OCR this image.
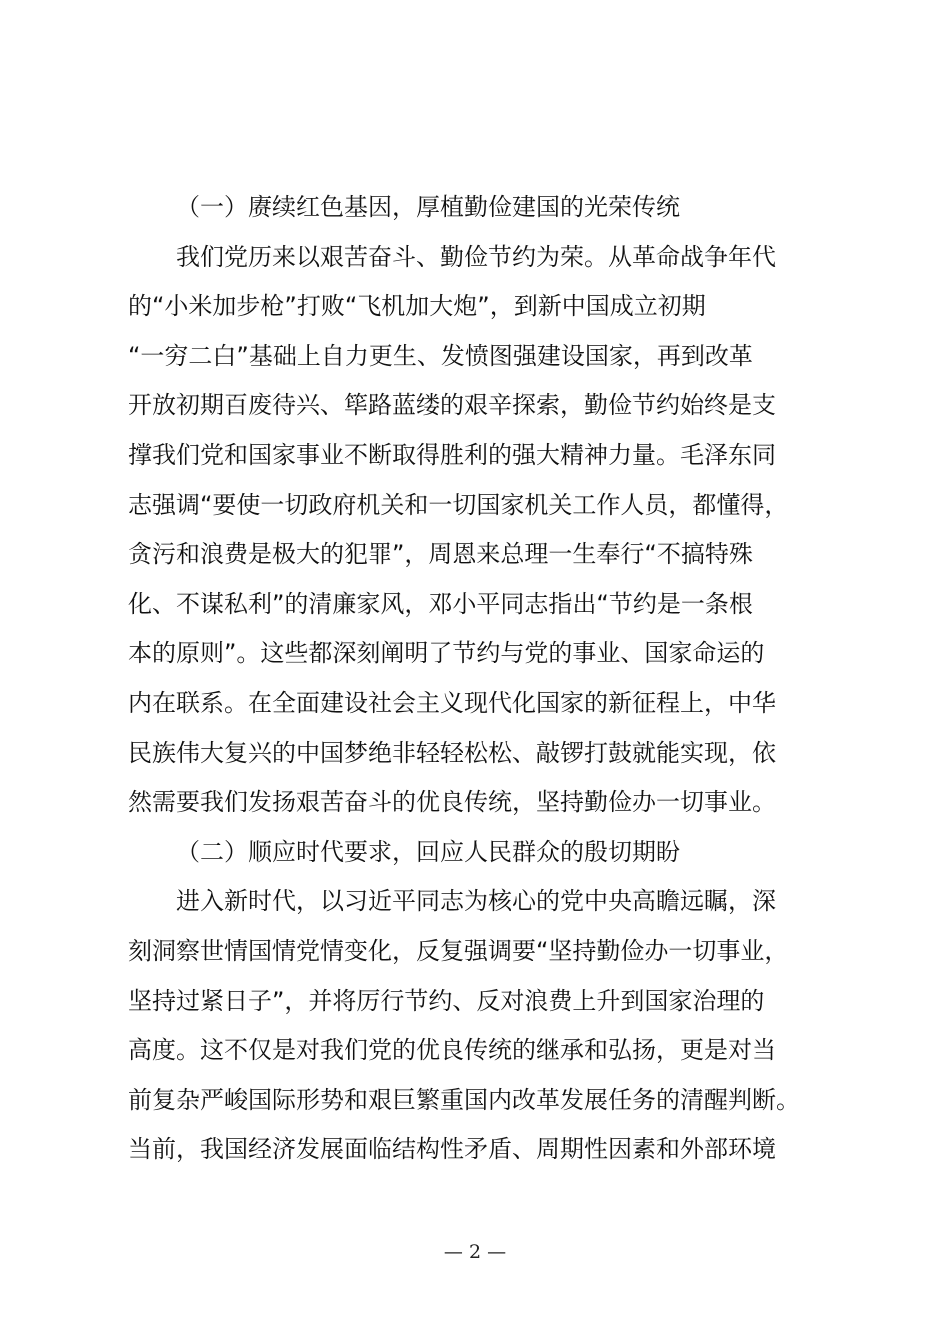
（一）赓续红色基因，厚植勤俭建国的光荣传统

我们党历来以艰苦奋斗、勤俭节约为荣。从革命战争年代
的“小米加步枪”打败“飞机加大炮”，到新中国成立初期
“一穷二白”基础上自力更生、发愤图强建设国家，再到改革
开放初期百废待兴、筚路蓝缕的艰辛探索，勤俭节约始终是支
撑我们党和国家事业不断取得胜利的强大精神力量。毛泽东同
志强调“要使一切政府机关和一切国家机关工作人员，都懂得，
贪污和浪费是极大的犯罪”，周恩来总理一生奉行“不搞特殊
化、不谋私利”的清廉家风，邓小平同志指出“节约是一条根
本的原则”。这些都深刻阐明了节约与党的事业、国家命运的
内在联系。在全面建设社会主义现代化国家的新征程上，中华
民族伟大复兴的中国梦绝非轻轻松松、敲锣打鼓就能实现，依
然需要我们发扬艰苦奋斗的优良传统，坚持勤俭办一切事业。

（二）顺应时代要求，回应人民群众的殷切期盼

进入新时代，以习近平同志为核心的党中央高瞻远瞩，深
刻洞察世情国情党情变化，反复强调要“坚持勤俭办一切事业，
坚持过紧日子”，并将厉行节约、反对浪费上升到国家治理的
高度。这不仅是对我们党的优良传统的继承和弘扬，更是对当
前复杂严峻国际形势和艰巨繁重国内改革发展任务的清醒判断。
当前，我国经济发展面临结构性矛盾、周期性因素和外部环境

— 2 —
